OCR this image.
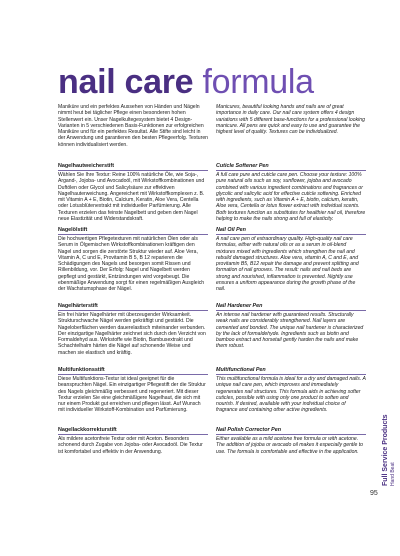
nail care formula
Maniküre und ein perfektes Aussehen von Händen und Nägeln nimmt heut bei täglicher Pflege einen besonderen hohen Stellenwert ein. Unser Nagelkultegesystem bietet 4 Design-Varianten in 5 verschiedenen Basis-Funktionen zur erfolgreichen Maniküre und für ein perfektes Resultat. Alle Stifte sind leicht in der Anwendung und garantieren den besten Pflegeerfolg. Texturen können individualisiert werden.
Manicures, beautiful looking hands and nails are of great importance in daily care. Our nail care system offers 4 design variations with 5 different base-functions for a professional looking manicure. All pens are quick and easy to use and guarantee the highest level of quality. Textures can be individualized.
Nagelhautweicherstift
Wählen Sie Ihre Textur: Reine 100% natürliche Öle, wie Soja-, Argand-, Jojoba- und Avocadoöl, mit Wirkstoffkombinationen und Duftölen oder Glycol und Salicylsäure zur effektiven Nagelhauterweichung. Angereichert mit Wirkstoffkomplexen z. B. mit Vitamin A + E, Biotin, Calcium, Keratin, Aloe Vera, Centella oder Lotusblütenextrakt mit individueller Parfümierung. Alle Texturen erzielen das feinste Nagelbett und geben dem Nagel neue Elastizität und Widerstandskraft.
Nagelölstift
Die hochwertigen Pflegetexturen mit natürlichen Ölen oder als Serum in Ölgemischen Wirkstoffkombinationen kräftigen den Nagel und sorgen die zerstörte Struktur wieder auf. Aloe Vera, Vitamin A, C und E, Provitamin B 5, B 12 reparieren die Schädigungen des Nagels und besorgen somit Rissen und Rillenbildung, vor. Der Erfolg: Nagel und Nagelbett werden gepflegt und gestärkt, Entzündungen wird vorgebeugt. Die ebenmäßige Anwendung sorgt für einen regelmäßigen Ausgleich der Wachstumsphase der Nägel.
Nagelhärterstift
Ein frei härter Nagelhärter mit überzeugender Wirksamkeit. Strukturschwache Nägel werden gekräftigt und gestärkt. Die Nageloberflächen werden dauerelastisch miteinander verbunden. Der einzigartige Nagelhärter zeichnet sich durch den Verzicht von Formaldehyd aus. Wirkstoffe wie Biotin, Bambusextrakt und Schachtelhalm härten die Nägel auf schonende Weise und machen sie elastisch und kräftig.
Multifunktionsstift
Diese Multifunktions-Textur ist ideal geeignet für die beanspruchten Nägel. Ein einzigartiger Pflegestift der die Struktur des Nagels gleichmäßig verbessert und regeneriert. Mit dieser Textur erzielen Sie eine gleichmäßigere Nagelhaut, die sich mit nur einem Produkt gut erreichen und pflegen lässt. Auf Wunsch mit individueller Wirkstoff-Kombination und Parfümierung.
Nagellackkorrekturstift
Als mildere acetonfreie Textur oder mit Aceton. Besonders schonend durch Zugabe von Jojoba- oder Avocadoöl. Die Textur ist komfortabel und effektiv in der Anwendung.
Cuticle Softener Pen
A full care pure and cuticle care pen. Choose your texture: 100% pure natural oils such as soy, sunflower, jojoba and avocado combined with various ingredient combinations and fragrances or glycolic and salicylic acid for effective cuticle softening. Enriched with ingredients, such as Vitamin A + E, biotin, calcium, keratin, Aloe vera, Centella or lotus flower extract with individual scents. Both textures function as substitutes for healthier nail oil, therefore helping to make the nails strong and full of elasticity.
Nail Oil Pen
A nail care pen of extraordinary quality. High-quality nail care formulas, either with natural oils or as a serum in oil-blend mixtures mixed with ingredients which strengthen the nail and rebuild damaged structures. Aloe vera, vitamin A, C and E, and provitamin B5, B12 repair the damage and prevent splitting and formation of nail grooves. The result: nails and nail beds are strong and nourished, inflammation is prevented. Nightly use ensures a uniform appearance during the growth phase of the nail.
Nail Hardener Pen
An intense nail hardener with guaranteed results. Structurally weak nails are considerably strengthened. Nail layers are cemented and bonded. The unique nail hardener is characterized by the lack of formaldehyde. Ingredients such as biotin and bamboo extract and horsetail gently harden the nails and make them robust.
Multifunctional Pen
This multifunctional formula is ideal for a dry and damaged nails. A unique nail care pen, which improves and immediately regenerates nail structures. This formula aids in achieving softer cuticles, possible with using only one product to soften and nourish. If desired, available with your individual choice of fragrance and containing other active ingredients.
Nail Polish Corrector Pen
Either available as a mild acetone free formula or with acetone. The addition of jojoba or avocado oil makes it especially gentle to use. The formula is comfortable and effective in the application.	Full Service Products Hand Beat
95
